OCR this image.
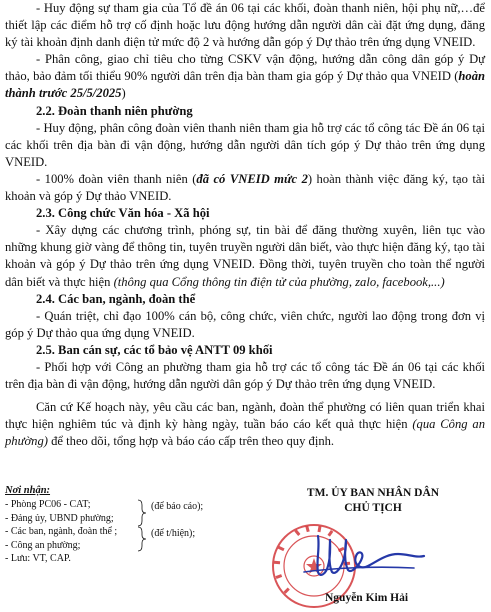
- Huy động sự tham gia của Tổ đề án 06 tại các khối, đoàn thanh niên, hội phụ nữ,…để thiết lập các điểm hỗ trợ cố định hoặc lưu động hướng dẫn người dân cài đặt ứng dụng, đăng ký tài khoản định danh điện tử mức độ 2 và hướng dẫn góp ý Dự thảo trên ứng dụng VNEID.

- Phân công, giao chỉ tiêu cho từng CSKV vận động, hướng dẫn công dân góp ý Dự thảo, bảo đảm tối thiểu 90% người dân trên địa bàn tham gia góp ý Dự thảo qua VNEID (hoàn thành trước 25/5/2025)

2.2. Đoàn thanh niên phường

- Huy động, phân công đoàn viên thanh niên tham gia hỗ trợ các tổ công tác Đề án 06 tại các khối trên địa bàn đi vận động, hướng dẫn người dân tích góp ý Dự thảo trên ứng dụng VNEID.

- 100% đoàn viên thanh niên (đã có VNEID mức 2) hoàn thành việc đăng ký, tạo tài khoản và góp ý Dự thảo VNEID.

2.3. Công chức Văn hóa - Xã hội

- Xây dựng các chương trình, phóng sự, tin bài để đăng thường xuyên, liên tục vào những khung giờ vàng để thông tin, tuyên truyền người dân biết, vào thực hiện đăng ký, tạo tài khoản và góp ý Dự thảo trên ứng dụng VNEID. Đồng thời, tuyên truyền cho toàn thể người dân biết và thực hiện (thông qua Cổng thông tin điện tử của phường, zalo, facebook,...)

2.4. Các ban, ngành, đoàn thể

- Quán triệt, chỉ đạo 100% cán bộ, công chức, viên chức, người lao động trong đơn vị góp ý Dự thảo qua ứng dụng VNEID.

2.5. Ban cán sự, các tổ bảo vệ ANTT 09 khối

- Phối hợp với Công an phường tham gia hỗ trợ các tổ công tác Đề án 06 tại các khối trên địa bàn đi vận động, hướng dẫn người dân góp ý Dự thảo trên ứng dụng VNEID.

Căn cứ Kế hoạch này, yêu cầu các ban, ngành, đoàn thể phường có liên quan triển khai thực hiện nghiêm túc và định kỳ hàng ngày, tuần báo cáo kết quả thực hiện (qua Công an phường) để theo dõi, tổng hợp và báo cáo cấp trên theo quy định.

Nơi nhận:
- Phòng PC06 - CAT;
- Đảng ủy, UBND phường;
- Các ban, ngành, đoàn thể ;
- Công an phường;
- Lưu: VT, CAP.
(để báo cáo);
(để t/hiện);
TM. ỦY BAN NHÂN DÂN
CHỦ TỊCH
Nguyễn Kim Hải
